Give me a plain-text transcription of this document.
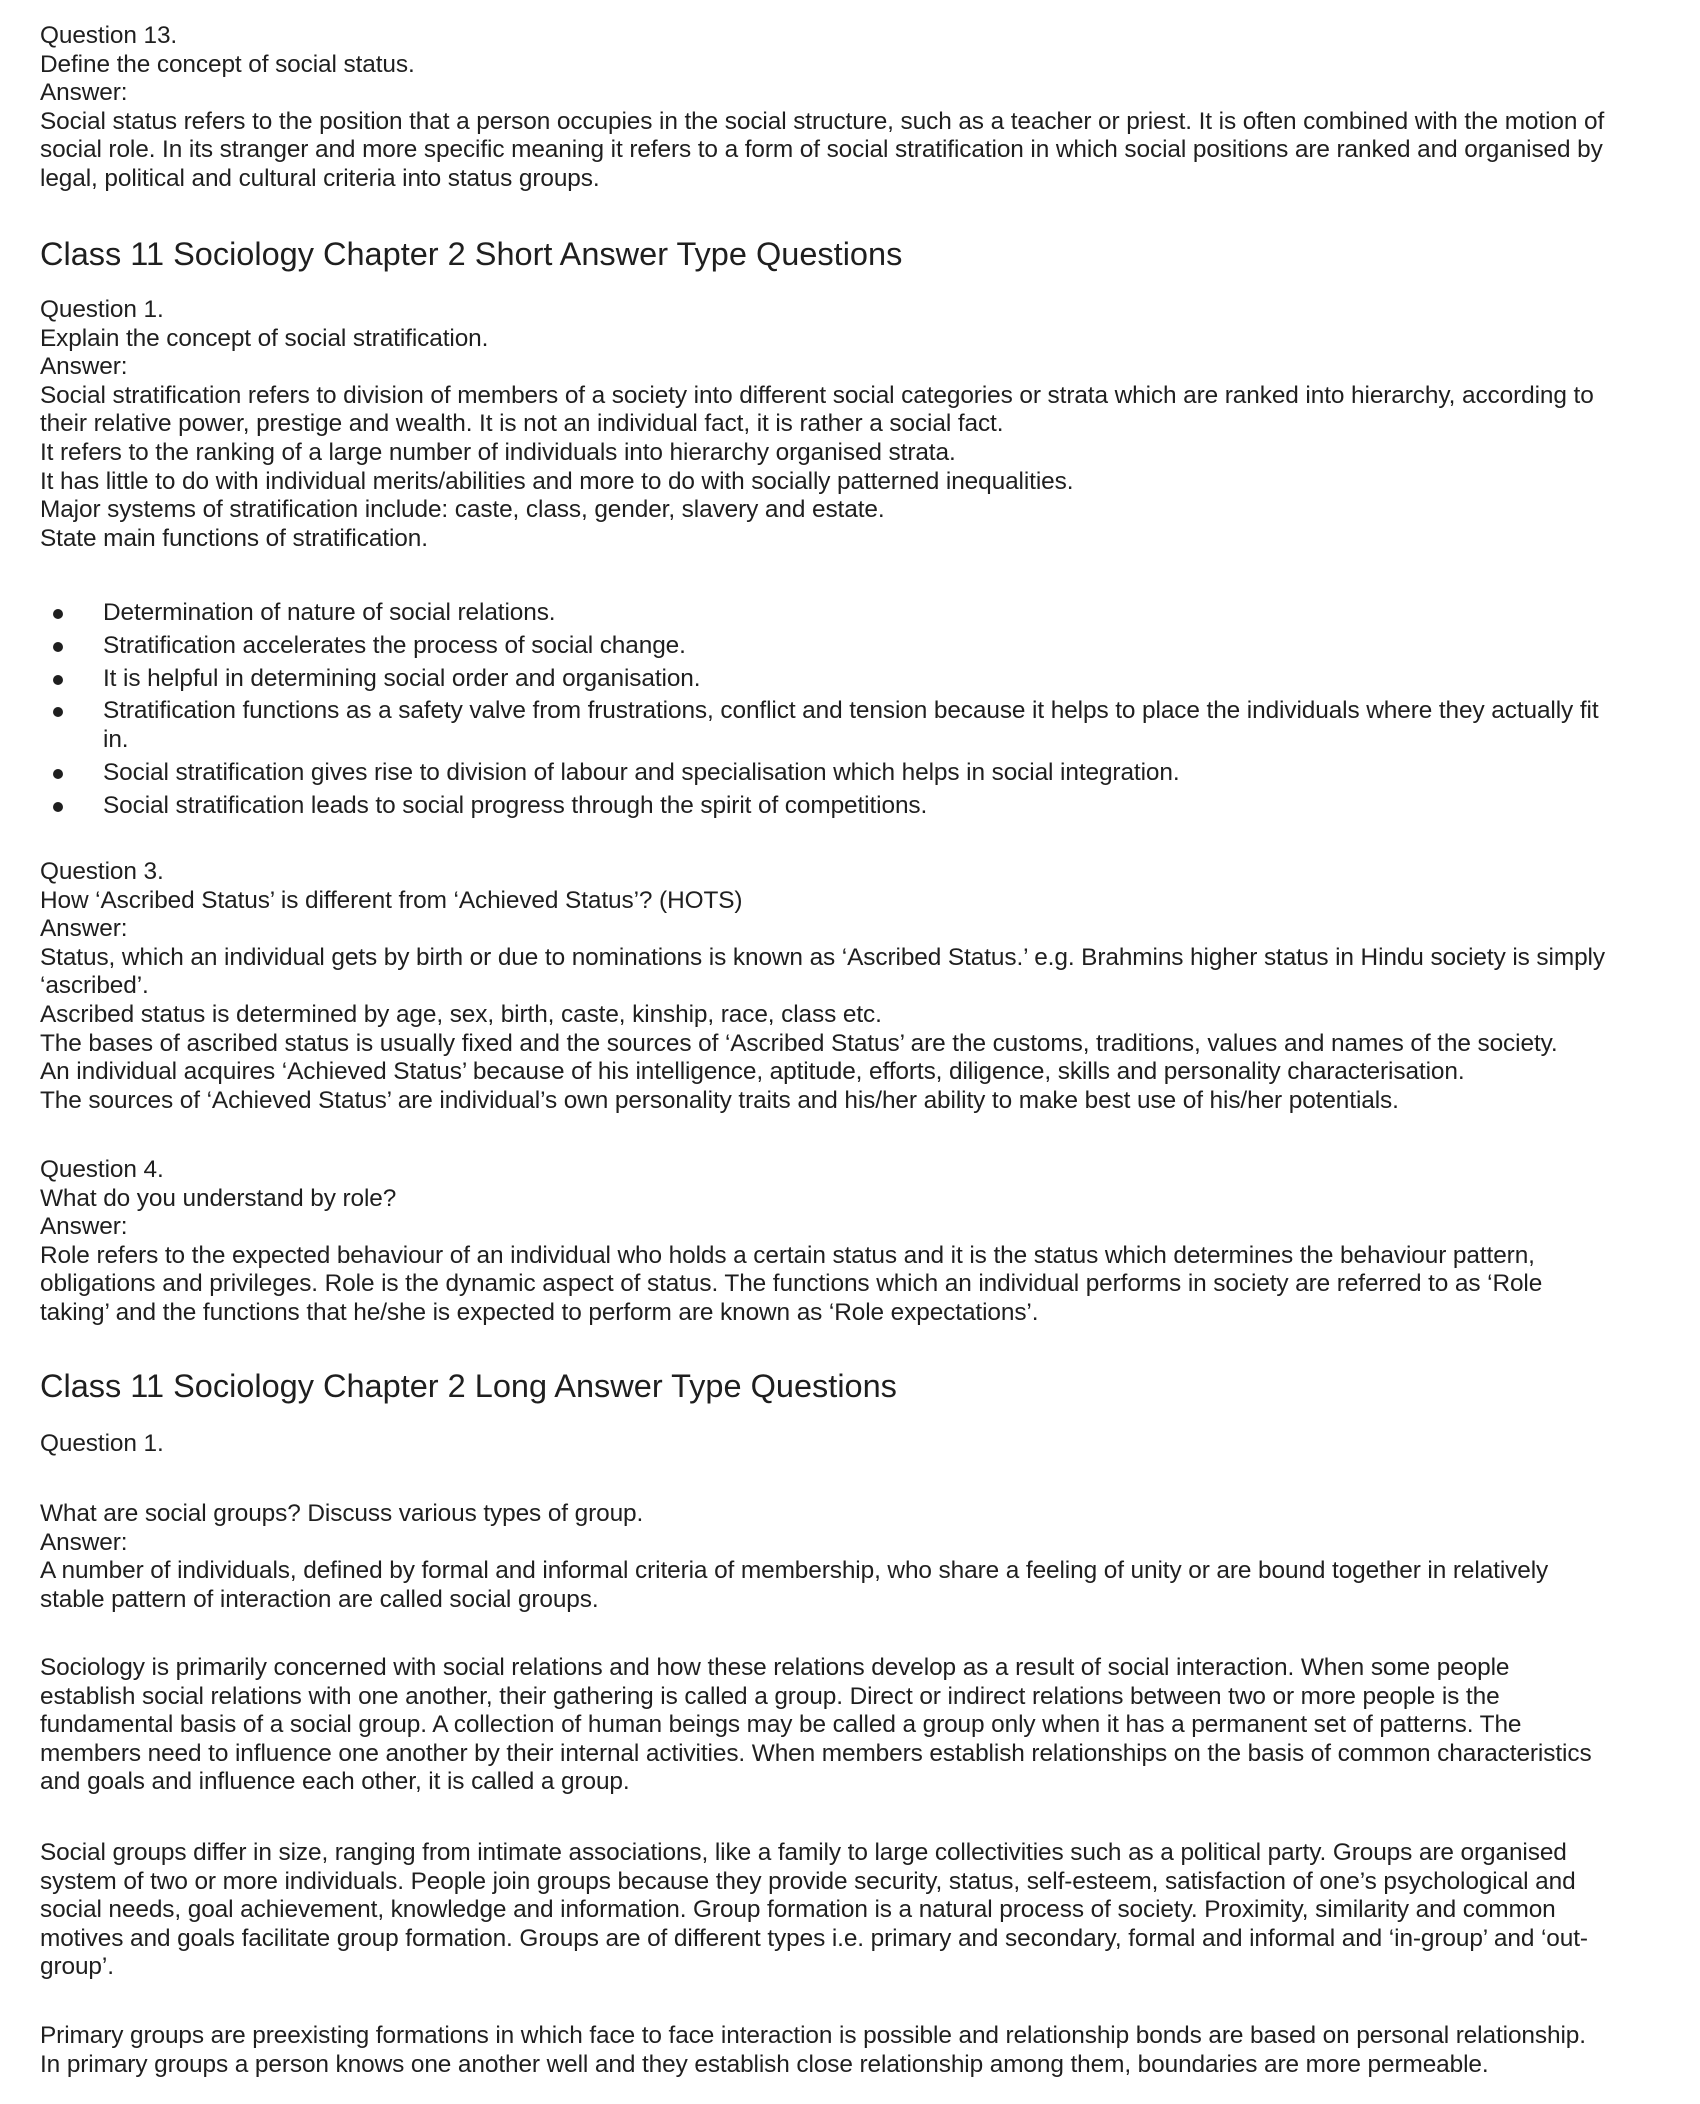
Question 13.
Define the concept of social status.
Answer:
Social status refers to the position that a person occupies in the social structure, such as a teacher or priest. It is often combined with the motion of
social role. In its stranger and more specific meaning it refers to a form of social stratification in which social positions are ranked and organised by
legal, political and cultural criteria into status groups.
Class 11 Sociology Chapter 2 Short Answer Type Questions
Question 1.
Explain the concept of social stratification.
Answer:
Social stratification refers to division of members of a society into different social categories or strata which are ranked into hierarchy, according to
their relative power, prestige and wealth. It is not an individual fact, it is rather a social fact.
It refers to the ranking of a large number of individuals into hierarchy organised strata.
It has little to do with individual merits/abilities and more to do with socially patterned inequalities.
Major systems of stratification include: caste, class, gender, slavery and estate.
State main functions of stratification.
Determination of nature of social relations.
Stratification accelerates the process of social change.
It is helpful in determining social order and organisation.
Stratification functions as a safety valve from frustrations, conflict and tension because it helps to place the individuals where they actually fit
in.
Social stratification gives rise to division of labour and specialisation which helps in social integration.
Social stratification leads to social progress through the spirit of competitions.
Question 3.
How ‘Ascribed Status’ is different from ‘Achieved Status’? (HOTS)
Answer:
Status, which an individual gets by birth or due to nominations is known as ‘Ascribed Status.’ e.g. Brahmins higher status in Hindu society is simply
‘ascribed’.
Ascribed status is determined by age, sex, birth, caste, kinship, race, class etc.
The bases of ascribed status is usually fixed and the sources of ‘Ascribed Status’ are the customs, traditions, values and names of the society.
An individual acquires ‘Achieved Status’ because of his intelligence, aptitude, efforts, diligence, skills and personality characterisation.
The sources of ‘Achieved Status’ are individual’s own personality traits and his/her ability to make best use of his/her potentials.
Question 4.
What do you understand by role?
Answer:
Role refers to the expected behaviour of an individual who holds a certain status and it is the status which determines the behaviour pattern,
obligations and privileges. Role is the dynamic aspect of status. The functions which an individual performs in society are referred to as ‘Role
taking’ and the functions that he/she is expected to perform are known as ‘Role expectations’.
Class 11 Sociology Chapter 2 Long Answer Type Questions
Question 1.
What are social groups? Discuss various types of group.
Answer:
A number of individuals, defined by formal and informal criteria of membership, who share a feeling of unity or are bound together in relatively
stable pattern of interaction are called social groups.
Sociology is primarily concerned with social relations and how these relations develop as a result of social interaction. When some people
establish social relations with one another, their gathering is called a group. Direct or indirect relations between two or more people is the
fundamental basis of a social group. A collection of human beings may be called a group only when it has a permanent set of patterns. The
members need to influence one another by their internal activities. When members establish relationships on the basis of common characteristics
and goals and influence each other, it is called a group.
Social groups differ in size, ranging from intimate associations, like a family to large collectivities such as a political party. Groups are organised
system of two or more individuals. People join groups because they provide security, status, self-esteem, satisfaction of one’s psychological and
social needs, goal achievement, knowledge and information. Group formation is a natural process of society. Proximity, similarity and common
motives and goals facilitate group formation. Groups are of different types i.e. primary and secondary, formal and informal and ‘in-group’ and ‘out-
group’.
Primary groups are preexisting formations in which face to face interaction is possible and relationship bonds are based on personal relationship.
In primary groups a person knows one another well and they establish close relationship among them, boundaries are more permeable.
